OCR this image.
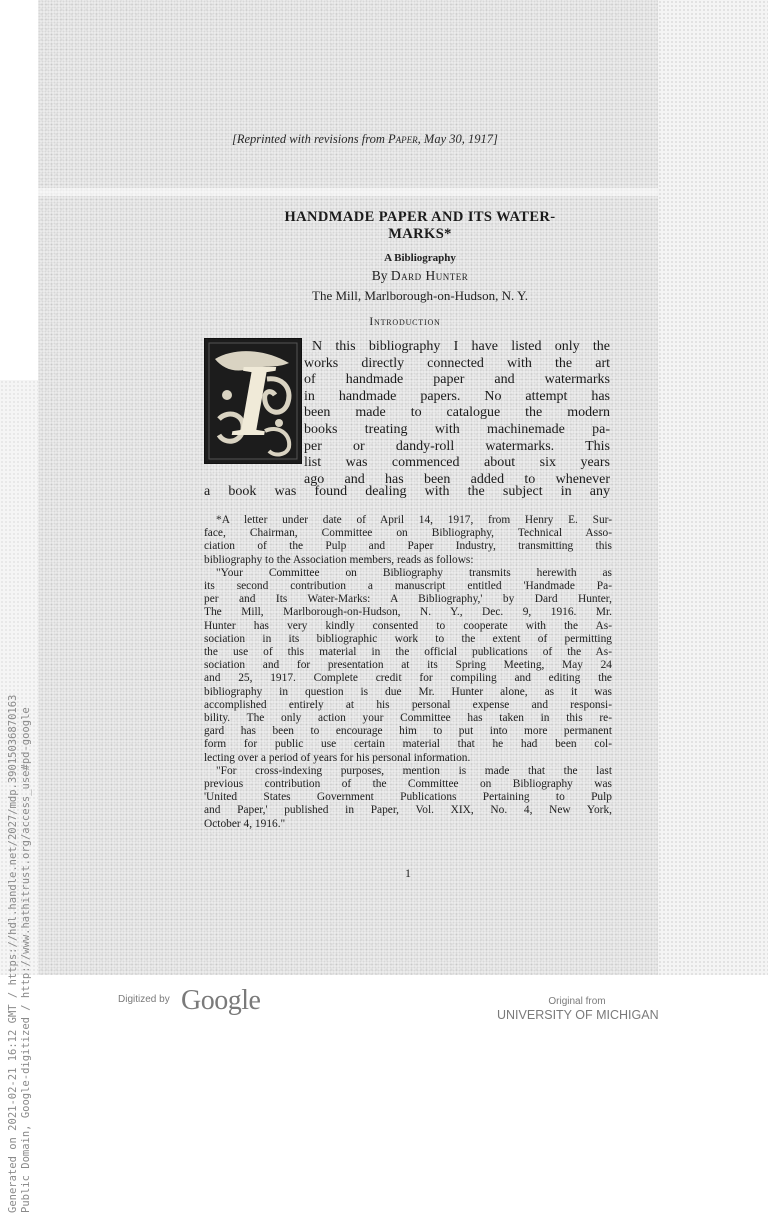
[Reprinted with revisions from Paper, May 30, 1917]
HANDMADE PAPER AND ITS WATER-
MARKS*
A Bibliography
By Dard Hunter
The Mill, Marlborough-on-Hudson, N. Y.
Introduction
I	N this bibliography I have listed only the
works directly connected with the art
of handmade paper and watermarks
in handmade papers. No attempt has
been made to catalogue the modern
books treating with machinemade pa-
per or dandy-roll watermarks. This
list was commenced about six years
ago and has been added to whenever
a book was found dealing with the subject in any
*A letter under date of April 14, 1917, from Henry E. Sur-
face, Chairman, Committee on Bibliography, Technical Asso-
ciation of the Pulp and Paper Industry, transmitting this
bibliography to the Association members, reads as follows:
"Your Committee on Bibliography transmits herewith as
its second contribution a manuscript entitled 'Handmade Pa-
per and Its Water-Marks: A Bibliography,' by Dard Hunter,
The Mill, Marlborough-on-Hudson, N. Y., Dec. 9, 1916. Mr.
Hunter has very kindly consented to cooperate with the As-
sociation in its bibliographic work to the extent of permitting
the use of this material in the official publications of the As-
sociation and for presentation at its Spring Meeting, May 24
and 25, 1917. Complete credit for compiling and editing the
bibliography in question is due Mr. Hunter alone, as it was
accomplished entirely at his personal expense and responsi-
bility. The only action your Committee has taken in this re-
gard has been to encourage him to put into more permanent
form for public use certain material that he had been col-
lecting over a period of years for his personal information.
"For cross-indexing purposes, mention is made that the last
previous contribution of the Committee on Bibliography was
'United States Government Publications Pertaining to Pulp
and Paper,' published in Paper, Vol. XIX, No. 4, New York,
October 4, 1916."
1
Generated on 2021-02-21 16:12 GMT / https://hdl.handle.net/2027/mdp.39015036870163 Public Domain, Google-digitized / http://www.hathitrust.org/access_use#pd-google	Digitized by Google	Original from
UNIVERSITY OF MICHIGAN
